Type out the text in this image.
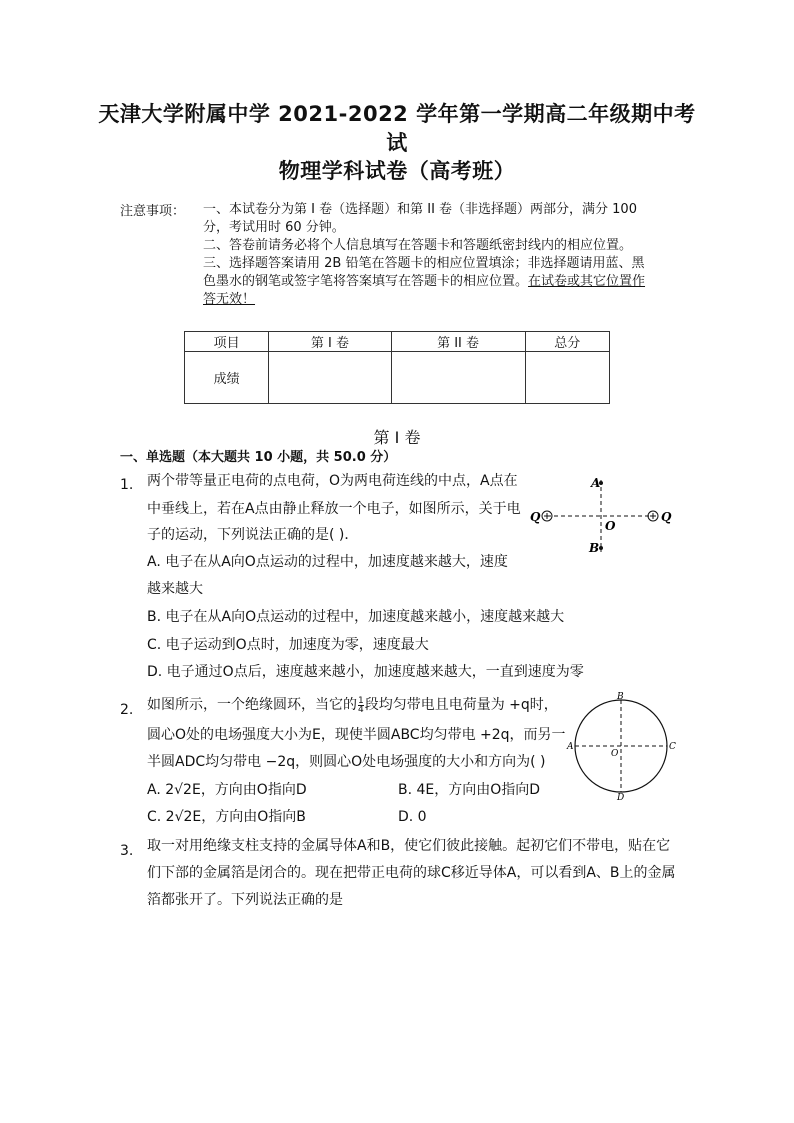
天津大学附属中学 2021-2022 学年第一学期高二年级期中考
试
物理学科试卷（高考班）
注意事项： 一、本试卷分为第 I 卷（选择题）和第 II 卷（非选择题）两部分，满分 100
分，考试用时 60 分钟。
二、答卷前请务必将个人信息填写在答题卡和答题纸密封线内的相应位置。
三、选择题答案请用 2B 铅笔在答题卡的相应位置填涂；非选择题请用蓝、黑
色墨水的钢笔或签字笔将答案填写在答题卡的相应位置。在试卷或其它位置作
答无效！
项目	第 I 卷	第 II 卷	总分
成绩			
第 I 卷
一、单选题（本大题共 10 小题，共 50.0 分）
1. 两个带等量正电荷的点电荷，O为两电荷连线的中点，A点在
中垂线上，若在A点由静止释放一个电子，如图所示，关于电
子的运动，下列说法正确的是( )．
A. 电子在从A向O点运动的过程中，加速度越来越大，速度
越来越大
B. 电子在从A向O点运动的过程中，加速度越来越小，速度越来越大
C. 电子运动到O点时，加速度为零，速度最大
D. 电子通过O点后，速度越来越小，加速度越来越大，一直到速度为零
A
B
O
Q	Q
2. 如图所示，一个绝缘圆环，当它的 $\frac{1}{4}$ 段均匀带电且电荷量为 +q时，
圆心O处的电场强度大小为E，现使半圆ABC均匀带电 +2q，而另一
半圆ADC均匀带电 −2q，则圆心O处电场强度的大小和方向为( )
A. 2√2E，方向由O指向D	B. 4E，方向由O指向D
C. 2√2E，方向由O指向B	D. 0
B
D
A	C
O
3. 取一对用绝缘支柱支持的金属导体A和B，使它们彼此接触。起初它们不带电，贴在它
们下部的金属箔是闭合的。现在把带正电荷的球C移近导体A，可以看到A、B上的金属
箔都张开了。下列说法正确的是
